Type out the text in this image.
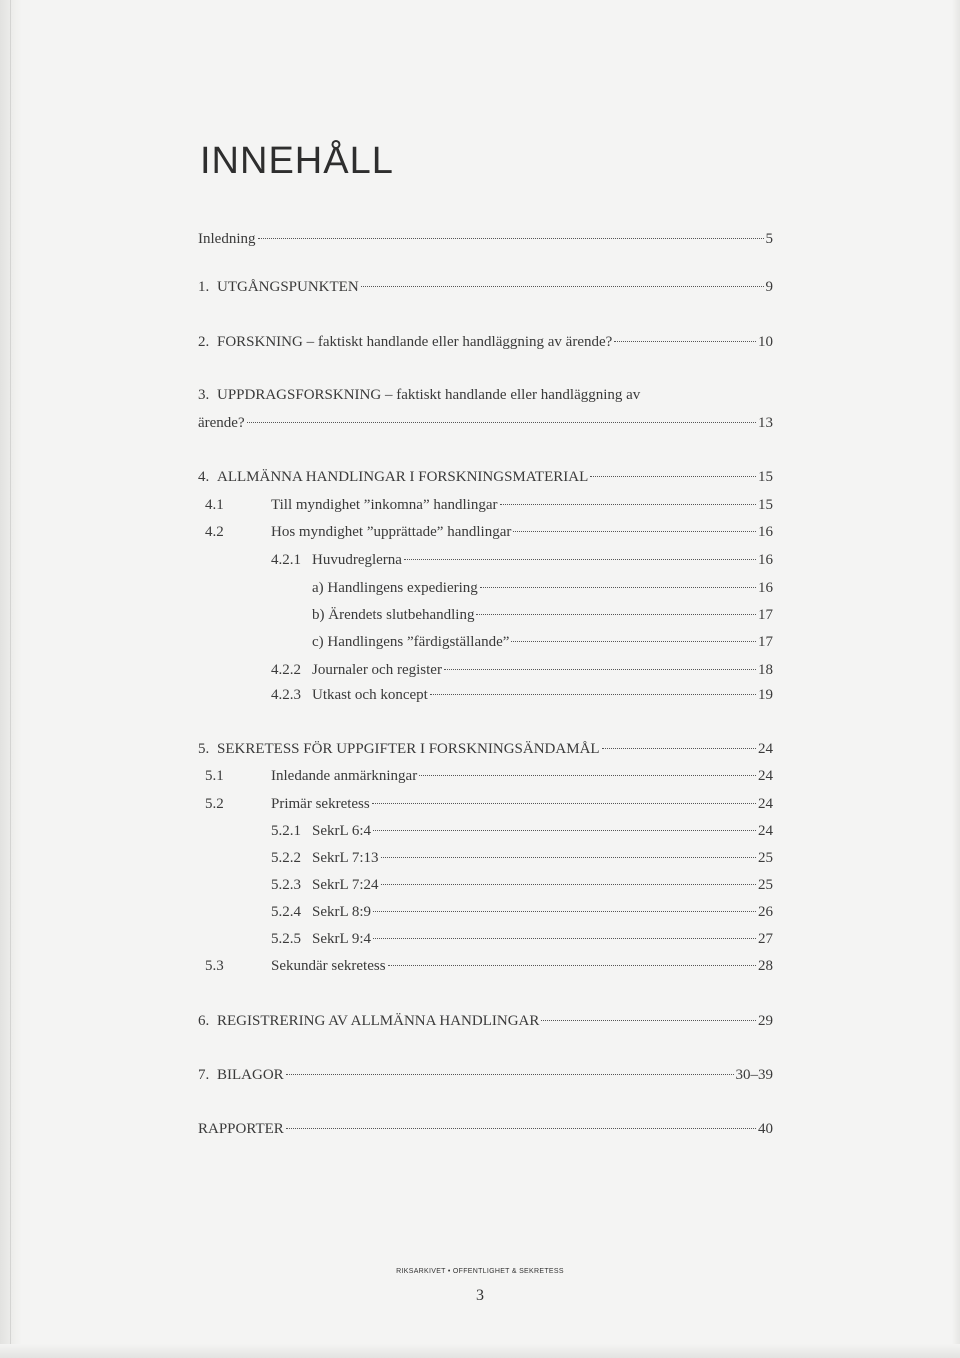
INNEHÅLL
Inledning	5
1. UTGÅNGSPUNKTEN	9
2. FORSKNING – faktiskt handlande eller handläggning av ärende?	10
3. UPPDRAGSFORSKNING – faktiskt handlande eller handläggning av
ärende?	13
4. ALLMÄNNA HANDLINGAR I FORSKNINGSMATERIAL	15
4.1	Till myndighet ”inkomna” handlingar	15
4.2	Hos myndighet ”upprättade” handlingar	16
4.2.1 Huvudreglerna	16
a) Handlingens expediering	16
b) Ärendets slutbehandling	17
c) Handlingens ”färdigställande”	17
4.2.2 Journaler och register	18
4.2.3 Utkast och koncept	19
5. SEKRETESS FÖR UPPGIFTER I FORSKNINGSÄNDAMÅL	24
5.1	Inledande anmärkningar	24
5.2	Primär sekretess	24
5.2.1 SekrL 6:4	24
5.2.2 SekrL 7:13	25
5.2.3 SekrL 7:24	25
5.2.4 SekrL 8:9	26
5.2.5 SekrL 9:4	27
5.3	Sekundär sekretess	28
6. REGISTRERING AV ALLMÄNNA HANDLINGAR	29
7. BILAGOR	30–39
RAPPORTER	40
RIKSARKIVET • OFFENTLIGHET & SEKRETESS
3
